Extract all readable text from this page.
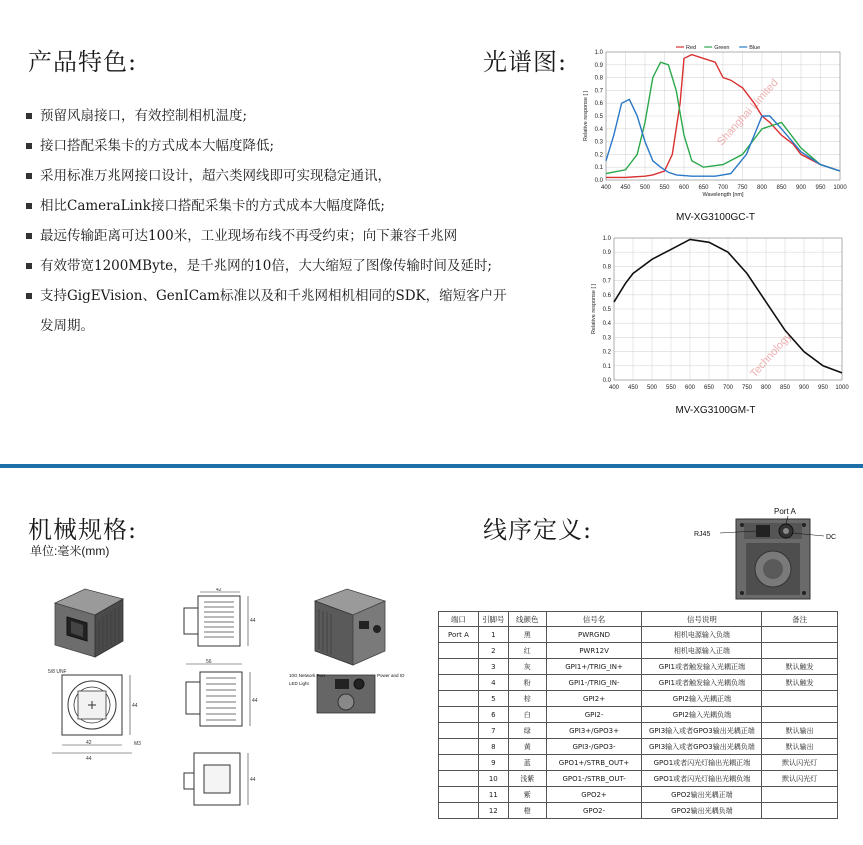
产品特色:
预留风扇接口，有效控制相机温度;
接口搭配采集卡的方式成本大幅度降低;
采用标准万兆网接口设计，超六类网线即可实现稳定通讯，
相比CameraLink接口搭配采集卡的方式成本大幅度降低;
最远传输距离可达100米，工业现场布线不再受约束；向下兼容千兆网
有效带宽1200MByte，是千兆网的10倍，大大缩短了图像传输时间及延时;
支持GigEVision、GenICam标准以及和千兆网相机相同的SDK，缩短客户开
发周期。
光谱图:
400 450 500 550 600 650 700 750 800 850 900 950 1000
0.0
0.1
0.2
0.3
0.4
0.5
0.6
0.7
0.8
0.9
1.0
Relative response [ ]
Wavelength [nm]
Red	Green	Blue
MV-XG3100GC-T
400 450 500 550 600 650 700 750 800 850 900 950 1000
0.0
0.1
0.2
0.3
0.4
0.5
0.6
0.7
0.8
0.9
1.0
Relative response [ ]
MV-XG3100GM-T
Shanghai Limited
Technology
机械规格:
单位:毫米(mm)
5/8 UNF
42
44
44
M3
42
44
56
44
44
10G Network Port
LED Light
Power and IO
线序定义:
Port A
RJ45	DC
端口	引脚号	线颜色	信号名	信号说明	备注
Port A	1	黑	PWRGND	相机电源输入负端	
	2	红	PWR12V	相机电源输入正端	
	3	灰	GPI1+/TRIG_IN+	GPI1或者触发输入光耦正端	默认触发
	4	粉	GPI1-/TRIG_IN-	GPI1或者触发输入光耦负端	默认触发
	5	棕	GPI2+	GPI2输入光耦正端	
	6	白	GPI2-	GPI2输入光耦负端	
	7	绿	GPI3+/GPO3+	GPI3输入或者GPO3输出光耦正端	默认输出
	8	黄	GPI3-/GPO3-	GPI3输入或者GPO3输出光耦负端	默认输出
	9	蓝	GPO1+/STRB_OUT+	GPO1或者闪光灯输出光耦正端	默认闪光灯
	10	浅紫	GPO1-/STRB_OUT-	GPO1或者闪光灯输出光耦负端	默认闪光灯
	11	紫	GPO2+	GPO2输出光耦正端	
	12	橙	GPO2-	GPO2输出光耦负端	
